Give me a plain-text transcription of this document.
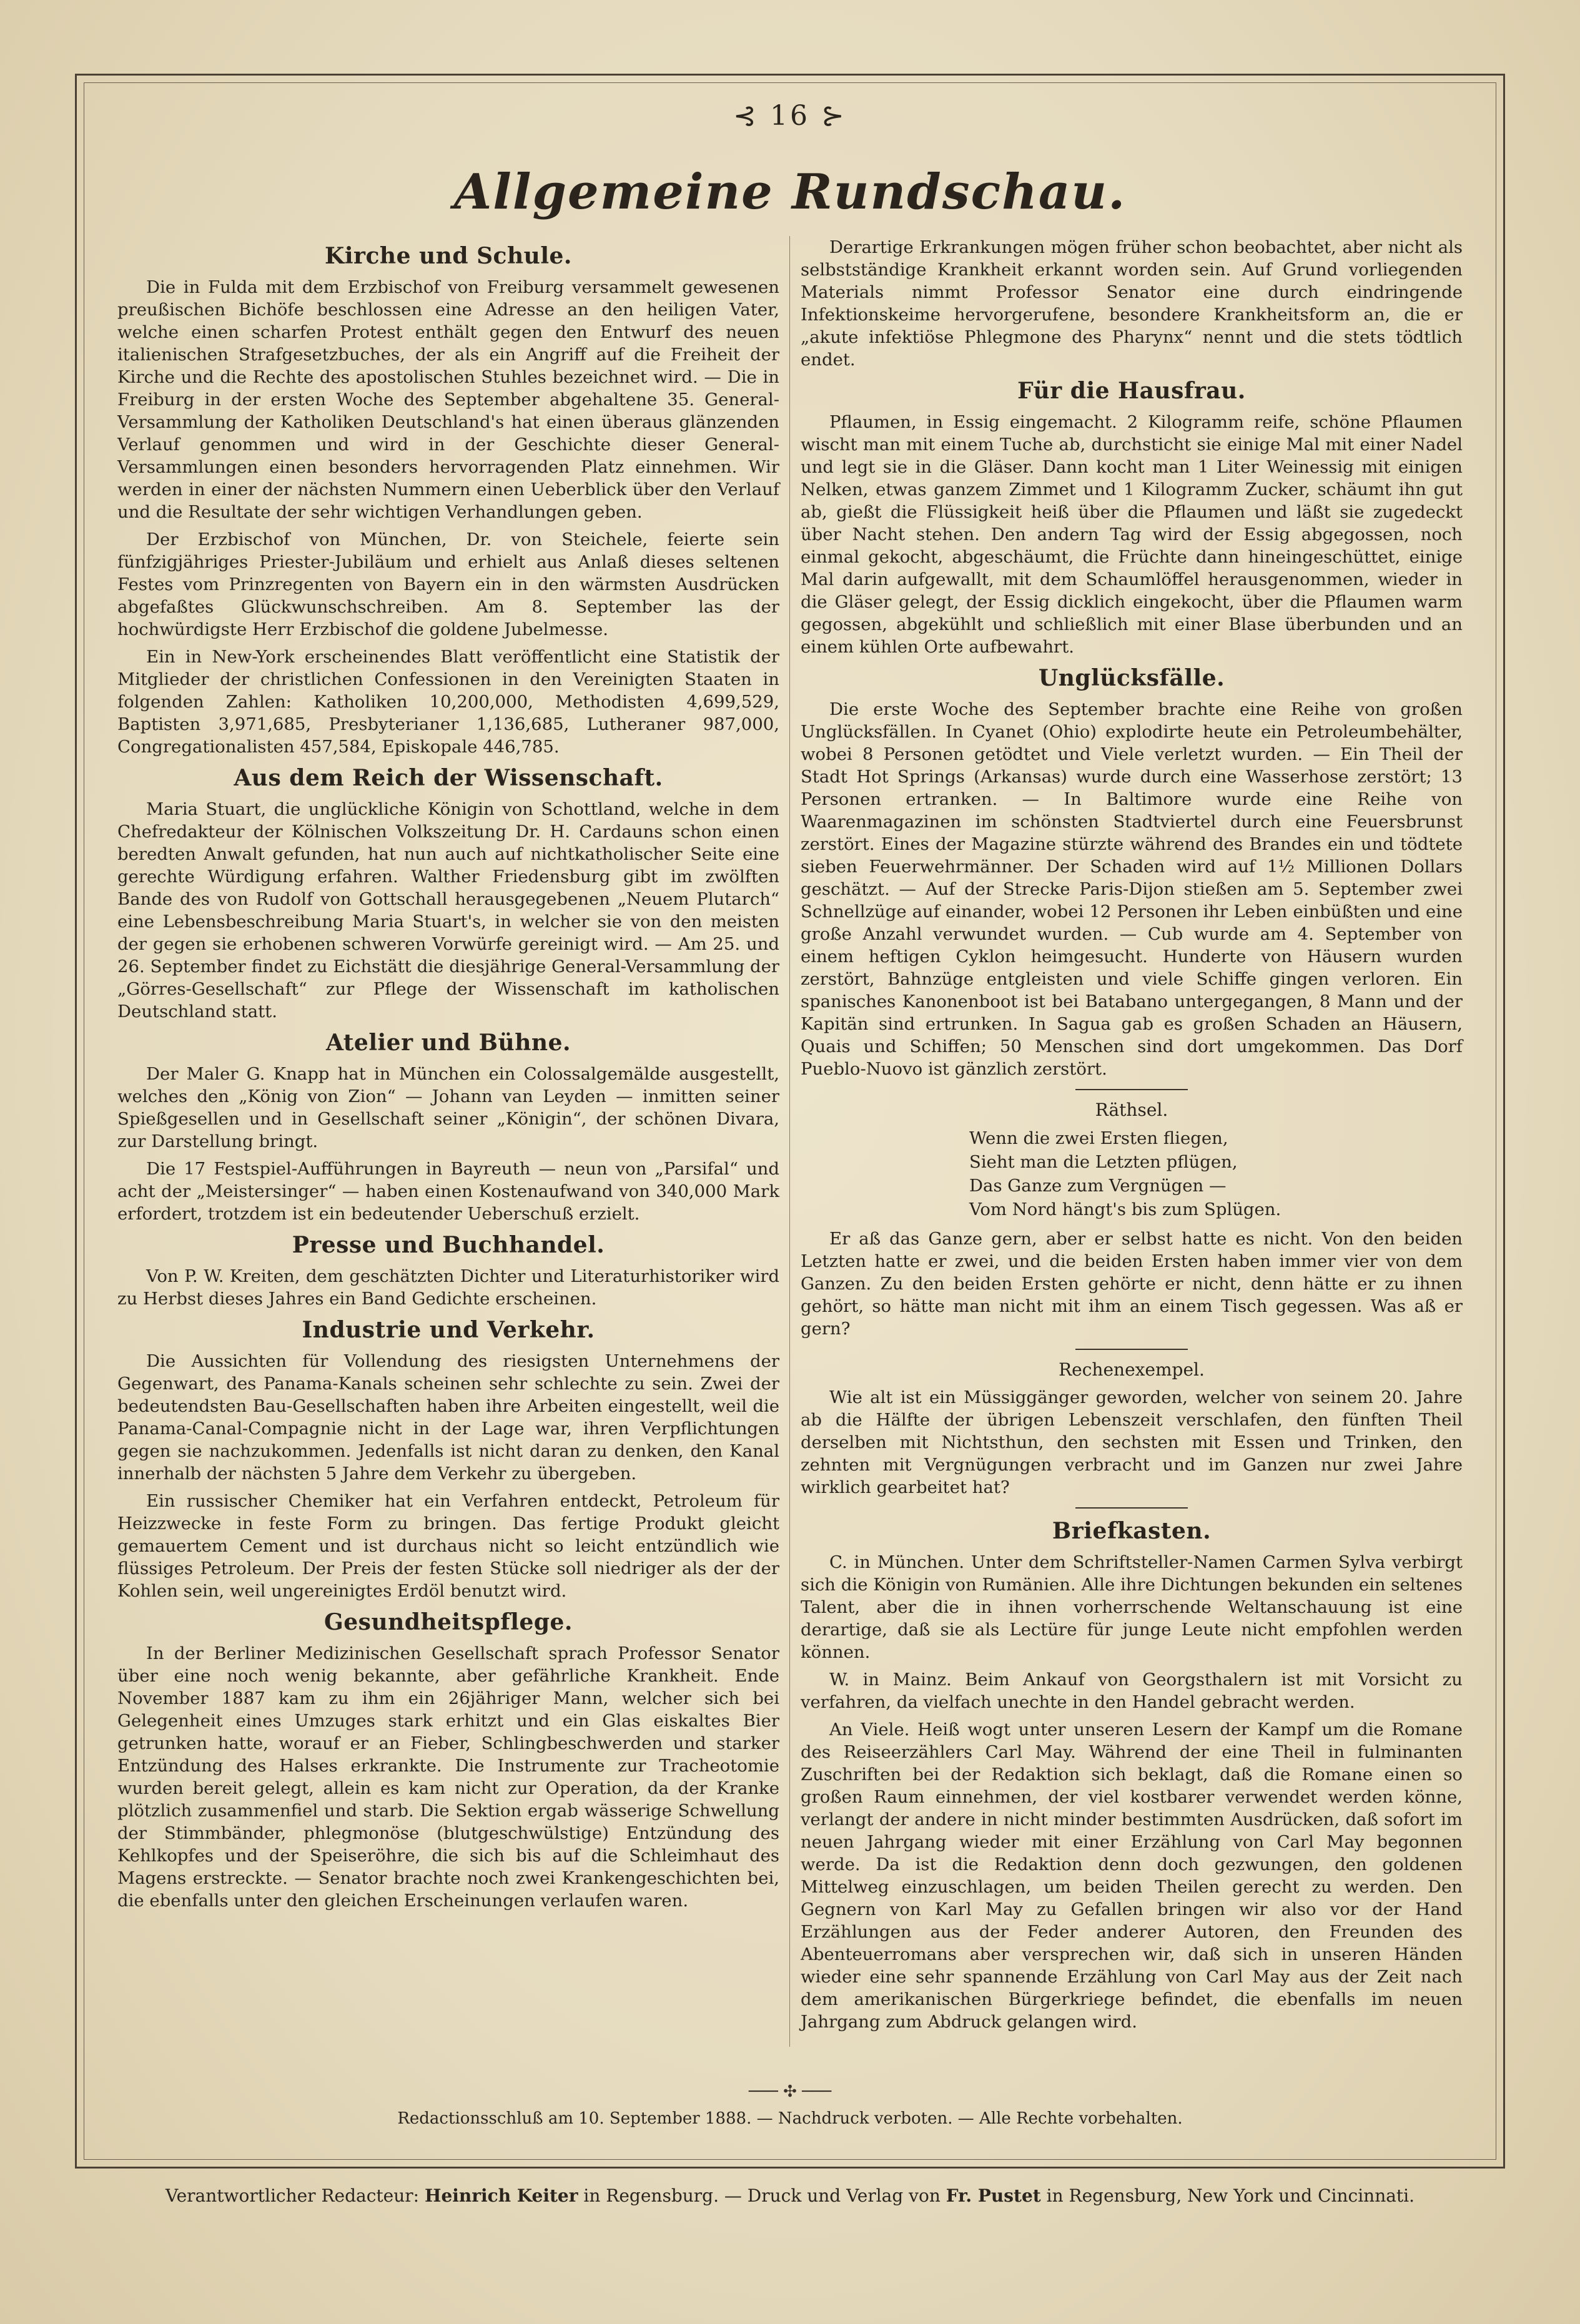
⊰ 16 ⊱
Allgemeine Rundschau.
Kirche und Schule.
Die in Fulda mit dem Erzbischof von Freiburg versammelt gewesenen preußischen Bichöfe beschlossen eine Adresse an den heiligen Vater, welche einen scharfen Protest enthält gegen den Entwurf des neuen italienischen Strafgesetzbuches, der als ein Angriff auf die Freiheit der Kirche und die Rechte des apostolischen Stuhles bezeichnet wird. — Die in Freiburg in der ersten Woche des September abgehaltene 35. General-Versammlung der Katholiken Deutschland's hat einen überaus glänzenden Verlauf genommen und wird in der Geschichte dieser General-Versammlungen einen besonders hervorragenden Platz einnehmen. Wir werden in einer der nächsten Nummern einen Ueberblick über den Verlauf und die Resultate der sehr wichtigen Verhandlungen geben.
Der Erzbischof von München, Dr. von Steichele, feierte sein fünfzigjähriges Priester-Jubiläum und erhielt aus Anlaß dieses seltenen Festes vom Prinzregenten von Bayern ein in den wärmsten Ausdrücken abgefaßtes Glückwunschschreiben. Am 8. September las der hochwürdigste Herr Erzbischof die goldene Jubelmesse.
Ein in New-York erscheinendes Blatt veröffentlicht eine Statistik der Mitglieder der christlichen Confessionen in den Vereinigten Staaten in folgenden Zahlen: Katholiken 10,200,000, Methodisten 4,699,529, Baptisten 3,971,685, Presbyterianer 1,136,685, Lutheraner 987,000, Congregationalisten 457,584, Episkopale 446,785.
Aus dem Reich der Wissenschaft.
Maria Stuart, die unglückliche Königin von Schottland, welche in dem Chefredakteur der Kölnischen Volkszeitung Dr. H. Cardauns schon einen beredten Anwalt gefunden, hat nun auch auf nichtkatholischer Seite eine gerechte Würdigung erfahren. Walther Friedensburg gibt im zwölften Bande des von Rudolf von Gottschall herausgegebenen „Neuem Plutarch“ eine Lebensbeschreibung Maria Stuart's, in welcher sie von den meisten der gegen sie erhobenen schweren Vorwürfe gereinigt wird. — Am 25. und 26. September findet zu Eichstätt die diesjährige General-Versammlung der „Görres-Gesellschaft“ zur Pflege der Wissenschaft im katholischen Deutschland statt.
Atelier und Bühne.
Der Maler G. Knapp hat in München ein Colossalgemälde ausgestellt, welches den „König von Zion“ — Johann van Leyden — inmitten seiner Spießgesellen und in Gesellschaft seiner „Königin“, der schönen Divara, zur Darstellung bringt.
Die 17 Festspiel-Aufführungen in Bayreuth — neun von „Parsifal“ und acht der „Meistersinger“ — haben einen Kostenaufwand von 340,000 Mark erfordert, trotzdem ist ein bedeutender Ueberschuß erzielt.
Presse und Buchhandel.
Von P. W. Kreiten, dem geschätzten Dichter und Literaturhistoriker wird zu Herbst dieses Jahres ein Band Gedichte erscheinen.
Industrie und Verkehr.
Die Aussichten für Vollendung des riesigsten Unternehmens der Gegenwart, des Panama-Kanals scheinen sehr schlechte zu sein. Zwei der bedeutendsten Bau-Gesellschaften haben ihre Arbeiten eingestellt, weil die Panama-Canal-Compagnie nicht in der Lage war, ihren Verpflichtungen gegen sie nachzukommen. Jedenfalls ist nicht daran zu denken, den Kanal innerhalb der nächsten 5 Jahre dem Verkehr zu übergeben.
Ein russischer Chemiker hat ein Verfahren entdeckt, Petroleum für Heizzwecke in feste Form zu bringen. Das fertige Produkt gleicht gemauertem Cement und ist durchaus nicht so leicht entzündlich wie flüssiges Petroleum. Der Preis der festen Stücke soll niedriger als der der Kohlen sein, weil ungereinigtes Erdöl benutzt wird.
Gesundheitspflege.
In der Berliner Medizinischen Gesellschaft sprach Professor Senator über eine noch wenig bekannte, aber gefährliche Krankheit. Ende November 1887 kam zu ihm ein 26jähriger Mann, welcher sich bei Gelegenheit eines Umzuges stark erhitzt und ein Glas eiskaltes Bier getrunken hatte, worauf er an Fieber, Schlingbeschwerden und starker Entzündung des Halses erkrankte. Die Instrumente zur Tracheotomie wurden bereit gelegt, allein es kam nicht zur Operation, da der Kranke plötzlich zusammenfiel und starb. Die Sektion ergab wässerige Schwellung der Stimmbänder, phlegmonöse (blutgeschwülstige) Entzündung des Kehlkopfes und der Speiseröhre, die sich bis auf die Schleimhaut des Magens erstreckte. — Senator brachte noch zwei Krankengeschichten bei, die ebenfalls unter den gleichen Erscheinungen verlaufen waren.
Derartige Erkrankungen mögen früher schon beobachtet, aber nicht als selbstständige Krankheit erkannt worden sein. Auf Grund vorliegenden Materials nimmt Professor Senator eine durch eindringende Infektionskeime hervorgerufene, besondere Krankheitsform an, die er „akute infektiöse Phlegmone des Pharynx“ nennt und die stets tödtlich endet.
Für die Hausfrau.
Pflaumen, in Essig eingemacht. 2 Kilogramm reife, schöne Pflaumen wischt man mit einem Tuche ab, durchsticht sie einige Mal mit einer Nadel und legt sie in die Gläser. Dann kocht man 1 Liter Weinessig mit einigen Nelken, etwas ganzem Zimmet und 1 Kilogramm Zucker, schäumt ihn gut ab, gießt die Flüssigkeit heiß über die Pflaumen und läßt sie zugedeckt über Nacht stehen. Den andern Tag wird der Essig abgegossen, noch einmal gekocht, abgeschäumt, die Früchte dann hineingeschüttet, einige Mal darin aufgewallt, mit dem Schaumlöffel herausgenommen, wieder in die Gläser gelegt, der Essig dicklich eingekocht, über die Pflaumen warm gegossen, abgekühlt und schließlich mit einer Blase überbunden und an einem kühlen Orte aufbewahrt.
Unglücksfälle.
Die erste Woche des September brachte eine Reihe von großen Unglücksfällen. In Cyanet (Ohio) explodirte heute ein Petroleumbehälter, wobei 8 Personen getödtet und Viele verletzt wurden. — Ein Theil der Stadt Hot Springs (Arkansas) wurde durch eine Wasserhose zerstört; 13 Personen ertranken. — In Baltimore wurde eine Reihe von Waarenmagazinen im schönsten Stadtviertel durch eine Feuersbrunst zerstört. Eines der Magazine stürzte während des Brandes ein und tödtete sieben Feuerwehrmänner. Der Schaden wird auf 1½ Millionen Dollars geschätzt. — Auf der Strecke Paris-Dijon stießen am 5. September zwei Schnellzüge auf einander, wobei 12 Personen ihr Leben einbüßten und eine große Anzahl verwundet wurden. — Cub wurde am 4. September von einem heftigen Cyklon heimgesucht. Hunderte von Häusern wurden zerstört, Bahnzüge entgleisten und viele Schiffe gingen verloren. Ein spanisches Kanonenboot ist bei Batabano untergegangen, 8 Mann und der Kapitän sind ertrunken. In Sagua gab es großen Schaden an Häusern, Quais und Schiffen; 50 Menschen sind dort umgekommen. Das Dorf Pueblo-Nuovo ist gänzlich zerstört.
Räthsel.
Wenn die zwei Ersten fliegen,
Sieht man die Letzten pflügen,
Das Ganze zum Vergnügen —
Vom Nord hängt's bis zum Splügen.
Er aß das Ganze gern, aber er selbst hatte es nicht. Von den beiden Letzten hatte er zwei, und die beiden Ersten haben immer vier von dem Ganzen. Zu den beiden Ersten gehörte er nicht, denn hätte er zu ihnen gehört, so hätte man nicht mit ihm an einem Tisch gegessen. Was aß er gern?
Rechenexempel.
Wie alt ist ein Müssiggänger geworden, welcher von seinem 20. Jahre ab die Hälfte der übrigen Lebenszeit verschlafen, den fünften Theil derselben mit Nichtsthun, den sechsten mit Essen und Trinken, den zehnten mit Vergnügungen verbracht und im Ganzen nur zwei Jahre wirklich gearbeitet hat?
Briefkasten.
C. in München. Unter dem Schriftsteller-Namen Carmen Sylva verbirgt sich die Königin von Rumänien. Alle ihre Dichtungen bekunden ein seltenes Talent, aber die in ihnen vorherrschende Weltanschauung ist eine derartige, daß sie als Lectüre für junge Leute nicht empfohlen werden können.
W. in Mainz. Beim Ankauf von Georgsthalern ist mit Vorsicht zu verfahren, da vielfach unechte in den Handel gebracht werden.
An Viele. Heiß wogt unter unseren Lesern der Kampf um die Romane des Reiseerzählers Carl May. Während der eine Theil in fulminanten Zuschriften bei der Redaktion sich beklagt, daß die Romane einen so großen Raum einnehmen, der viel kostbarer verwendet werden könne, verlangt der andere in nicht minder bestimmten Ausdrücken, daß sofort im neuen Jahrgang wieder mit einer Erzählung von Carl May begonnen werde. Da ist die Redaktion denn doch gezwungen, den goldenen Mittelweg einzuschlagen, um beiden Theilen gerecht zu werden. Den Gegnern von Karl May zu Gefallen bringen wir also vor der Hand Erzählungen aus der Feder anderer Autoren, den Freunden des Abenteuerromans aber versprechen wir, daß sich in unseren Händen wieder eine sehr spannende Erzählung von Carl May aus der Zeit nach dem amerikanischen Bürgerkriege befindet, die ebenfalls im neuen Jahrgang zum Abdruck gelangen wird.
─── ✣ ───
Redactionsschluß am 10. September 1888. — Nachdruck verboten. — Alle Rechte vorbehalten.
Verantwortlicher Redacteur: Heinrich Keiter in Regensburg. — Druck und Verlag von Fr. Pustet in Regensburg, New York und Cincinnati.
